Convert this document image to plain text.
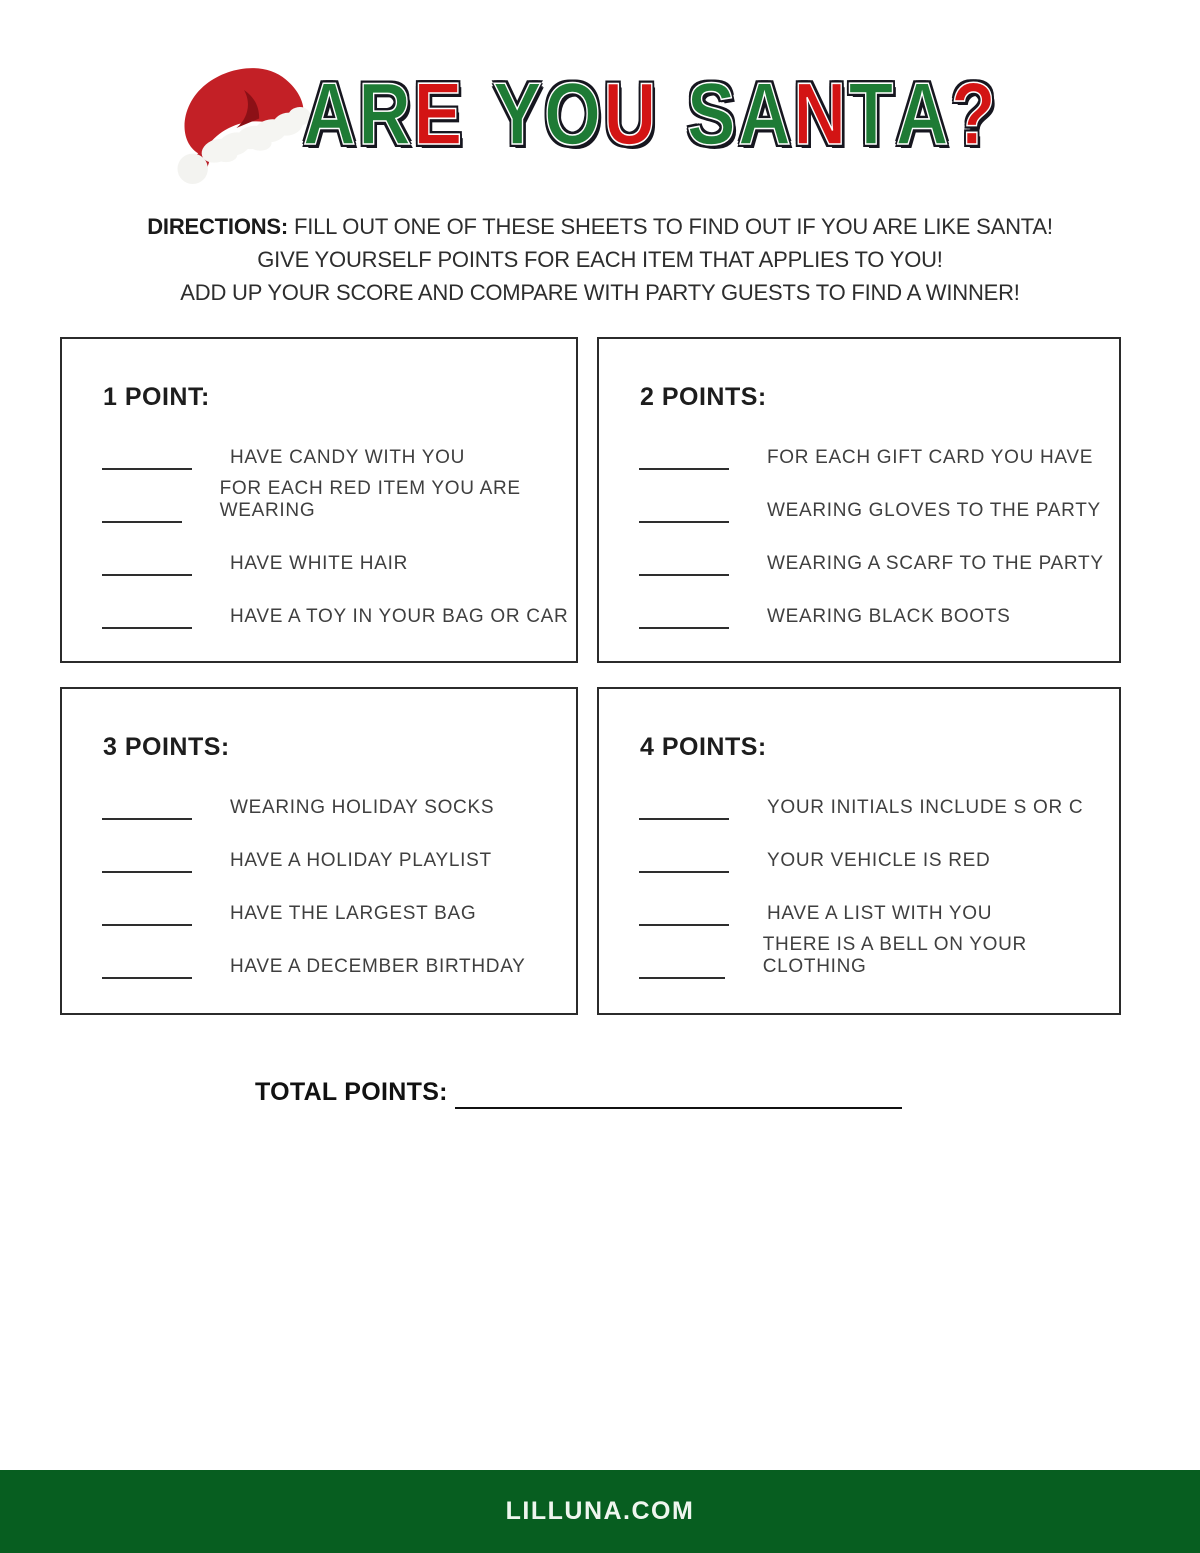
A R E Y O U S A N T A ?
DIRECTIONS: FILL OUT ONE OF THESE SHEETS TO FIND OUT IF YOU ARE LIKE SANTA!
GIVE YOURSELF POINTS FOR EACH ITEM THAT APPLIES TO YOU!
ADD UP YOUR SCORE AND COMPARE WITH PARTY GUESTS TO FIND A WINNER!
1 POINT:
HAVE CANDY WITH YOU
FOR EACH RED ITEM YOU ARE WEARING
HAVE WHITE HAIR
HAVE A TOY IN YOUR BAG OR CAR
2 POINTS:
FOR EACH GIFT CARD YOU HAVE
WEARING GLOVES TO THE PARTY
WEARING A SCARF TO THE PARTY
WEARING BLACK BOOTS
3 POINTS:
WEARING HOLIDAY SOCKS
HAVE A HOLIDAY PLAYLIST
HAVE THE LARGEST BAG
HAVE A DECEMBER BIRTHDAY
4 POINTS:
YOUR INITIALS INCLUDE S OR C
YOUR VEHICLE IS RED
HAVE A LIST WITH YOU
THERE IS A BELL ON YOUR CLOTHING
TOTAL POINTS:
LILLUNA.COM
